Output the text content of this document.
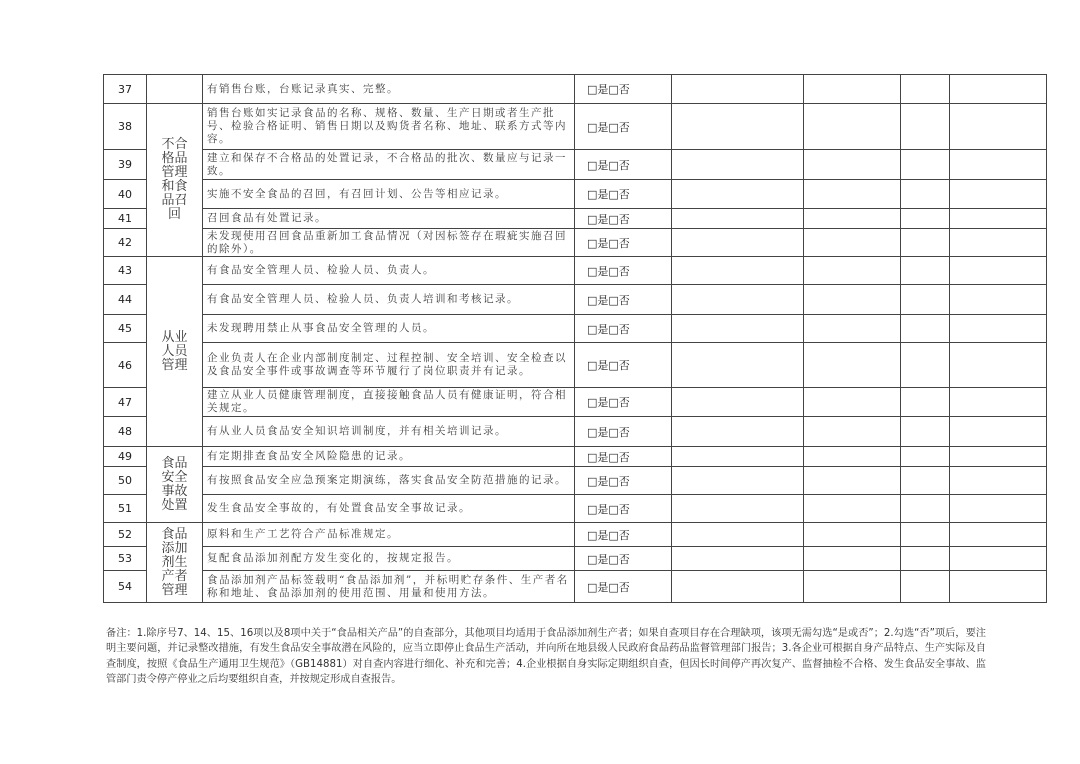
37		有销售台账，台账记录真实、完整。	□是□否				
38	不合格品管理和食品召回	销售台账如实记录食品的名称、规格、数量、生产日期或者生产批号、检验合格证明、销售日期以及购货者名称、地址、联系方式等内容。	□是□否				
39		建立和保存不合格品的处置记录，不合格品的批次、数量应与记录一致。	□是□否				
40		实施不安全食品的召回，有召回计划、公告等相应记录。	□是□否				
41		召回食品有处置记录。	□是□否				
42		未发现使用召回食品重新加工食品情况（对因标签存在瑕疵实施召回的除外）。	□是□否				
43	从业人员管理	有食品安全管理人员、检验人员、负责人。	□是□否				
44		有食品安全管理人员、检验人员、负责人培训和考核记录。	□是□否				
45		未发现聘用禁止从事食品安全管理的人员。	□是□否				
46		企业负责人在企业内部制度制定、过程控制、安全培训、安全检查以及食品安全事件或事故调查等环节履行了岗位职责并有记录。	□是□否				
47		建立从业人员健康管理制度，直接接触食品人员有健康证明，符合相关规定。	□是□否				
48		有从业人员食品安全知识培训制度，并有相关培训记录。	□是□否				
49	食品安全事故处置	有定期排查食品安全风险隐患的记录。	□是□否				
50		有按照食品安全应急预案定期演练，落实食品安全防范措施的记录。	□是□否				
51		发生食品安全事故的，有处置食品安全事故记录。	□是□否				
52	食品添加剂生产者管理	原料和生产工艺符合产品标准规定。	□是□否				
53		复配食品添加剂配方发生变化的，按规定报告。	□是□否				
54		食品添加剂产品标签载明“食品添加剂”，并标明贮存条件、生产者名称和地址、食品添加剂的使用范围、用量和使用方法。	□是□否				
备注：1.除序号7、14、15、16项以及8项中关于“食品相关产品”的自查部分，其他项目均适用于食品添加剂生产者；如果自查项目存在合理缺项，该项无需勾选“是或否”；2.勾选“否”项后，要注明主要问题，并记录整改措施，有发生食品安全事故潜在风险的，应当立即停止食品生产活动，并向所在地县级人民政府食品药品监督管理部门报告；3.各企业可根据自身产品特点、生产实际及自查制度，按照《食品生产通用卫生规范》（GB14881）对自查内容进行细化、补充和完善；4.企业根据自身实际定期组织自查，但因长时间停产再次复产、监督抽检不合格、发生食品安全事故、监管部门责令停产停业之后均要组织自查，并按规定形成自查报告。
